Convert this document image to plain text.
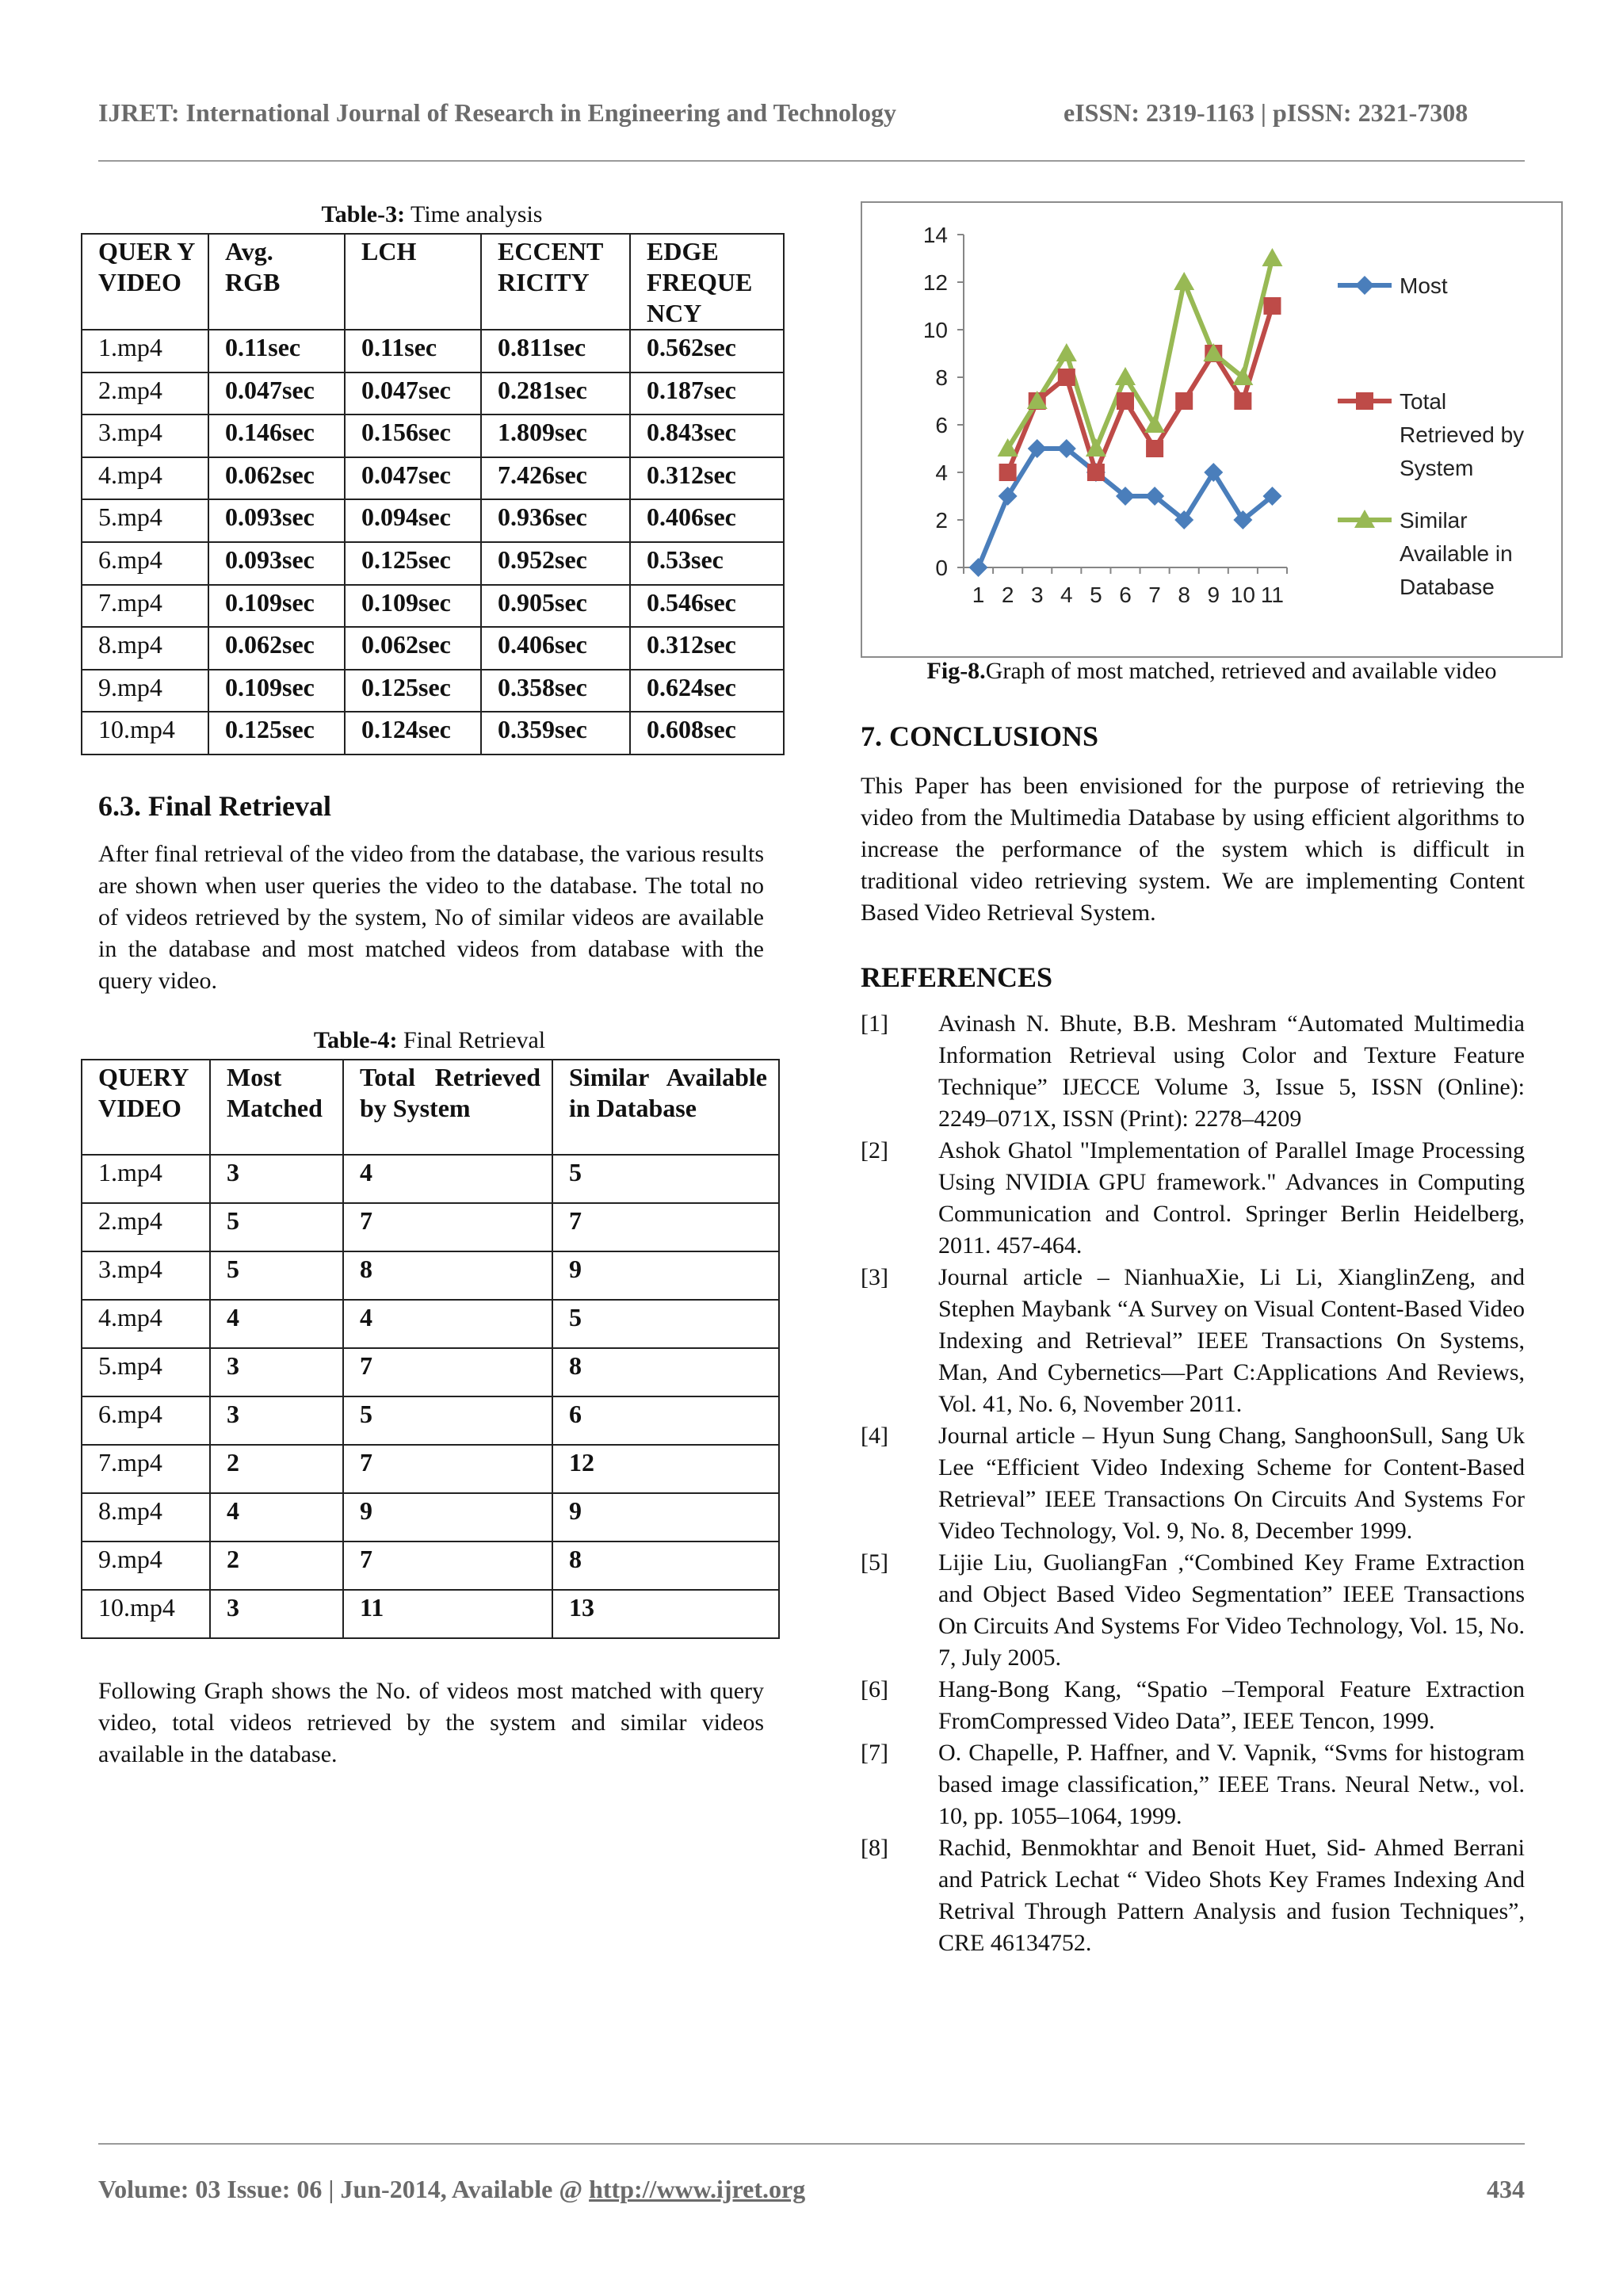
IJRET: International Journal of Research in Engineering and Technology	eISSN: 2319-1163 | pISSN: 2321-7308
Table-3: Time analysis
QUER Y VIDEO	Avg. RGB	LCH	ECCENT RICITY	EDGE FREQUE NCY
1.mp4	0.11sec	0.11sec	0.811sec	0.562sec
2.mp4	0.047sec	0.047sec	0.281sec	0.187sec
3.mp4	0.146sec	0.156sec	1.809sec	0.843sec
4.mp4	0.062sec	0.047sec	7.426sec	0.312sec
5.mp4	0.093sec	0.094sec	0.936sec	0.406sec
6.mp4	0.093sec	0.125sec	0.952sec	0.53sec
7.mp4	0.109sec	0.109sec	0.905sec	0.546sec
8.mp4	0.062sec	0.062sec	0.406sec	0.312sec
9.mp4	0.109sec	0.125sec	0.358sec	0.624sec
10.mp4	0.125sec	0.124sec	0.359sec	0.608sec
6.3. Final Retrieval

After final retrieval of the video from the database, the various results are shown when user queries the video to the database. The total no of videos retrieved by the system, No of similar videos are available in the database and most matched videos from database with the query video.

Table-4: Final Retrieval
QUERY VIDEO	Most Matched	Total Retrieved by System	Similar Available in Database
1.mp4	3	4	5
2.mp4	5	7	7
3.mp4	5	8	9
4.mp4	4	4	5
5.mp4	3	7	8
6.mp4	3	5	6
7.mp4	2	7	12
8.mp4	4	9	9
9.mp4	2	7	8
10.mp4	3	11	13

Following Graph shows the No. of videos most matched with query video, total videos retrieved by the system and similar videos available in the database.

0
2
4
6
8
10
12
14
1 2 3 4 5 6 7 8 9 10 11
Most
Total
Retrieved by
System
Similar
Available in
Database
Fig-8.Graph of most matched, retrieved and available video
7. CONCLUSIONS

This Paper has been envisioned for the purpose of retrieving the video from the Multimedia Database by using efficient algorithms to increase the performance of the system which is difficult in traditional video retrieving system. We are implementing Content Based Video Retrieval System.

REFERENCES
[1] Avinash N. Bhute, B.B. Meshram “Automated Multimedia Information Retrieval using Color and Texture Feature Technique” IJECCE Volume 3, Issue 5, ISSN (Online): 2249–071X, ISSN (Print): 2278–4209
[2] Ashok Ghatol "Implementation of Parallel Image Processing Using NVIDIA GPU framework." Advances in Computing Communication and Control. Springer Berlin Heidelberg, 2011. 457-464.
[3] Journal article – NianhuaXie, Li Li, XianglinZeng, and Stephen Maybank “A Survey on Visual Content-Based Video Indexing and Retrieval” IEEE Transactions On Systems, Man, And Cybernetics—Part C:Applications And Reviews, Vol. 41, No. 6, November 2011.
[4] Journal article – Hyun Sung Chang, SanghoonSull, Sang Uk Lee “Efficient Video Indexing Scheme for Content-Based Retrieval” IEEE Transactions On Circuits And Systems For Video Technology, Vol. 9, No. 8, December 1999.
[5] Lijie Liu, GuoliangFan ,“Combined Key Frame Extraction and Object Based Video Segmentation” IEEE Transactions On Circuits And Systems For Video Technology, Vol. 15, No. 7, July 2005.
[6] Hang-Bong Kang, “Spatio –Temporal Feature Extraction FromCompressed Video Data”, IEEE Tencon, 1999.
[7] O. Chapelle, P. Haffner, and V. Vapnik, “Svms for histogram based image classification,” IEEE Trans. Neural Netw., vol. 10, pp. 1055–1064, 1999.
[8] Rachid, Benmokhtar and Benoit Huet, Sid- Ahmed Berrani and Patrick Lechat “ Video Shots Key Frames Indexing And Retrival Through Pattern Analysis and fusion Techniques”, CRE 46134752.
Volume: 03 Issue: 06 | Jun-2014, Available @ http://www.ijret.org	434
